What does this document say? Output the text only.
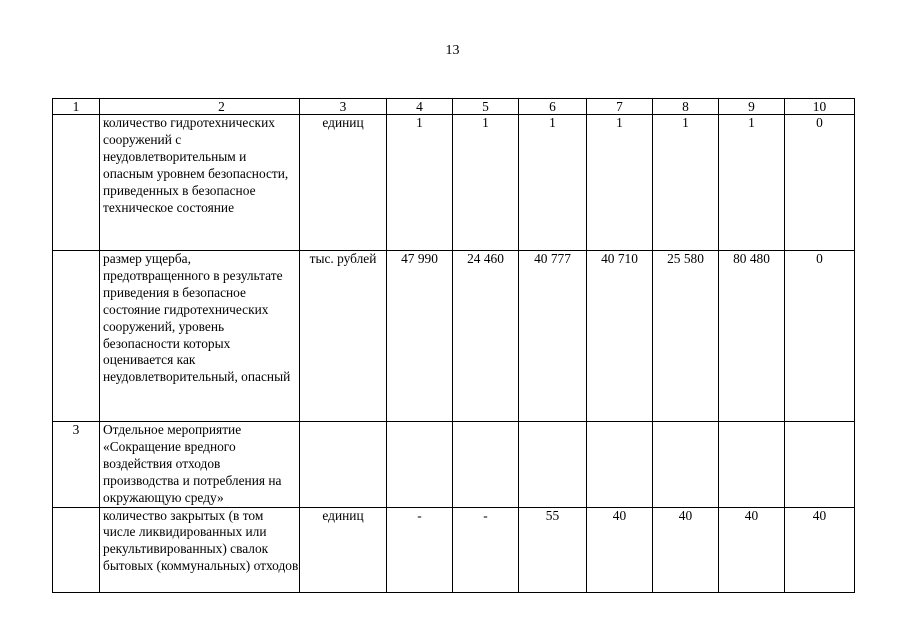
13
1	2	3	4	5	6	7	8	9	10
	количество гидротехнических сооружений с неудовлетворительным и опасным уровнем безопасности, приведенных в безопасное техническое состояние	единиц	1	1	1	1	1	1	0
	размер ущерба, предотвращенного в результате приведения в безопасное состояние гидротехнических сооружений, уровень безопасности которых оценивается как неудовлетворительный, опасный	тыс. рублей	47 990	24 460	40 777	40 710	25 580	80 480	0
3	Отдельное мероприятие «Сокращение вредного воздействия отходов производства и потребления на окружающую среду»								
	количество закрытых (в том числе ликвидированных или рекультивированных) свалок бытовых (коммунальных) отходов	единиц	-	-	55	40	40	40	40
